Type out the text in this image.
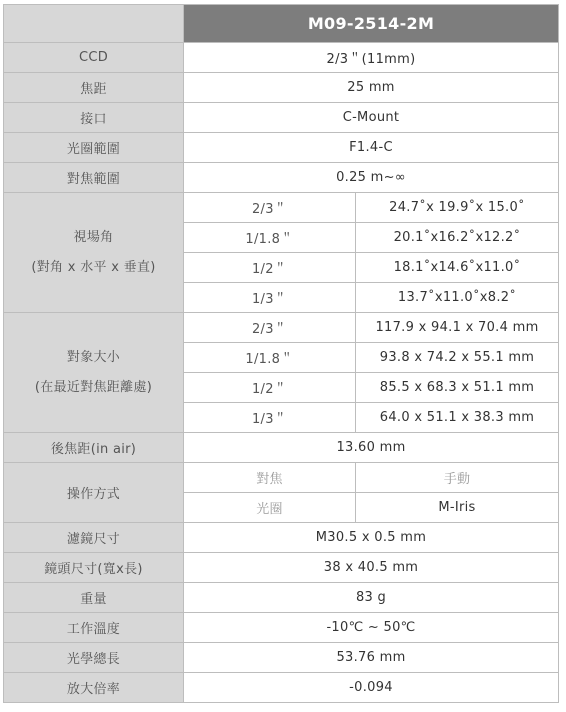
	M09-2514-2M	
CCD	2/3＂(11mm)	
焦距	25 mm	
接口	C-Mount	
光圈範圍	F1.4-C	
對焦範圍	0.25 m~∞	

視場角
(對角 x 水平 x 垂直)	2/3＂	24.7˚x 19.9˚x 15.0˚
	1/1.8＂	20.1˚x16.2˚x12.2˚
	1/2＂	18.1˚x14.6˚x11.0˚
	1/3＂	13.7˚x11.0˚x8.2˚

對象大小
(在最近對焦距離處)	2/3＂	117.9 x 94.1 x 70.4 mm
	1/1.8＂	93.8 x 74.2 x 55.1 mm
	1/2＂	85.5 x 68.3 x 51.1 mm
	1/3＂	64.0 x 51.1 x 38.3 mm
後焦距(in air)	13.60 mm	
操作方式	對焦	手動
	光圈	M-Iris
濾鏡尺寸	M30.5 x 0.5 mm	
鏡頭尺寸(寬x長)	38 x 40.5 mm	
重量	83 g	
工作溫度	-10℃ ~ 50℃	
光學總長	53.76 mm	
放大倍率	-0.094	
